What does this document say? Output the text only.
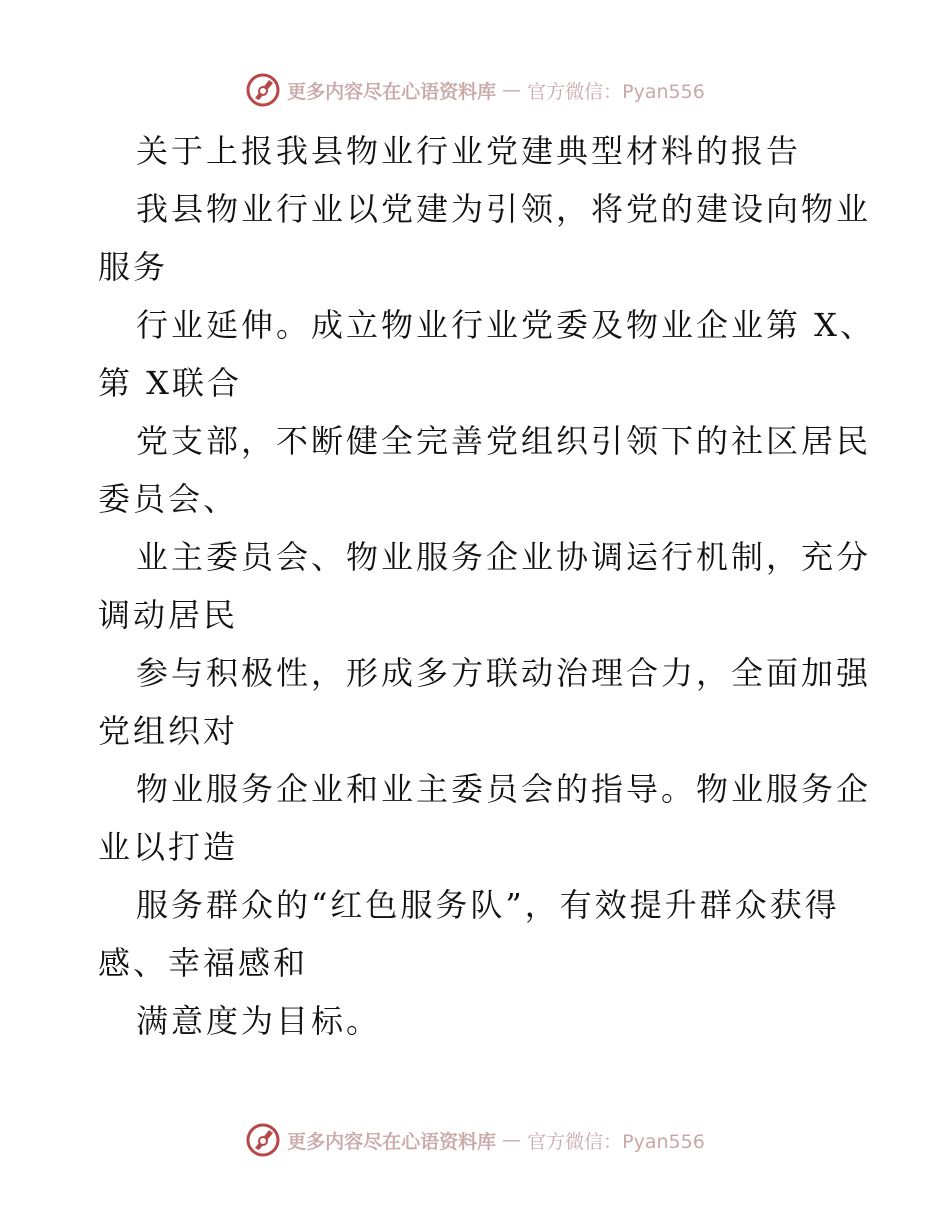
更多内容尽在心语资料库 — 官方微信：Pyan556
关于上报我县物业行业党建典型材料的报告
我县物业行业以党建为引领，将党的建设向物业
服务
行业延伸。成立物业行业党委及物业企业第 X、
第 X联合
党支部，不断健全完善党组织引领下的社区居民
委员会、
业主委员会、物业服务企业协调运行机制，充分
调动居民
参与积极性，形成多方联动治理合力，全面加强
党组织对
物业服务企业和业主委员会的指导。物业服务企
业以打造
服务群众的“红色服务队”，有效提升群众获得
感、幸福感和
满意度为目标。
更多内容尽在心语资料库 — 官方微信：Pyan556
